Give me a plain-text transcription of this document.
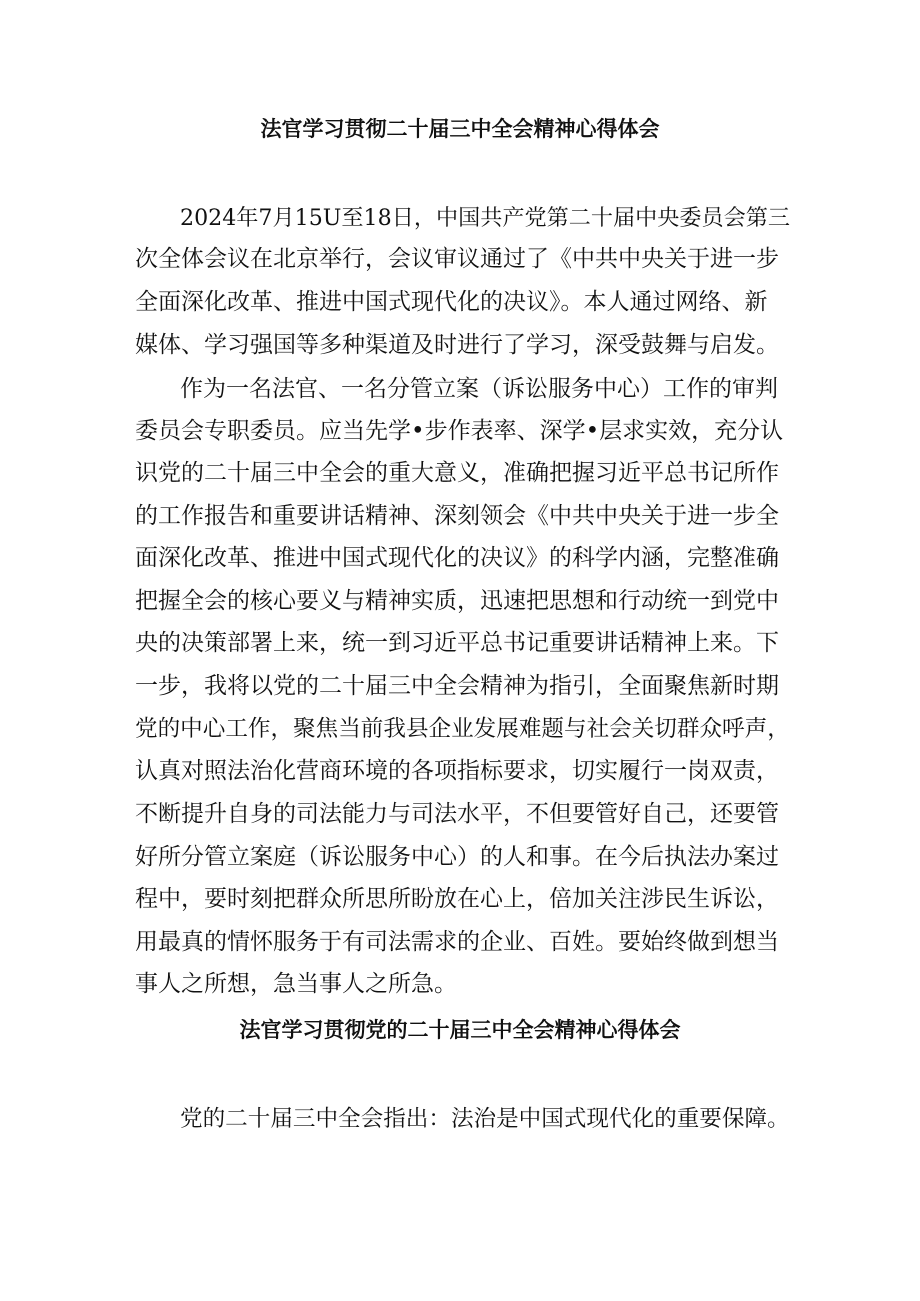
法官学习贯彻二十届三中全会精神心得体会
2024年7月15U至18日，中国共产党第二十届中央委员会第三
次全体会议在北京举行，会议审议通过了《中共中央关于进一步
全面深化改革、推进中国式现代化的决议》。本人通过网络、新
媒体、学习强国等多种渠道及时进行了学习，深受鼓舞与启发。
作为一名法官、一名分管立案（诉讼服务中心）工作的审判
委员会专职委员。应当先学•步作表率、深学•层求实效，充分认
识党的二十届三中全会的重大意义，准确把握习近平总书记所作
的工作报告和重要讲话精神、深刻领会《中共中央关于进一步全
面深化改革、推进中国式现代化的决议》的科学内涵，完整准确
把握全会的核心要义与精神实质，迅速把思想和行动统一到党中
央的决策部署上来，统一到习近平总书记重要讲话精神上来。下
一步，我将以党的二十届三中全会精神为指引，全面聚焦新时期
党的中心工作，聚焦当前我县企业发展难题与社会关切群众呼声，
认真对照法治化营商环境的各项指标要求，切实履行一岗双责，
不断提升自身的司法能力与司法水平，不但要管好自己，还要管
好所分管立案庭（诉讼服务中心）的人和事。在今后执法办案过
程中，要时刻把群众所思所盼放在心上，倍加关注涉民生诉讼，
用最真的情怀服务于有司法需求的企业、百姓。要始终做到想当
事人之所想，急当事人之所急。
法官学习贯彻党的二十届三中全会精神心得体会
党的二十届三中全会指出：法治是中国式现代化的重要保障。
